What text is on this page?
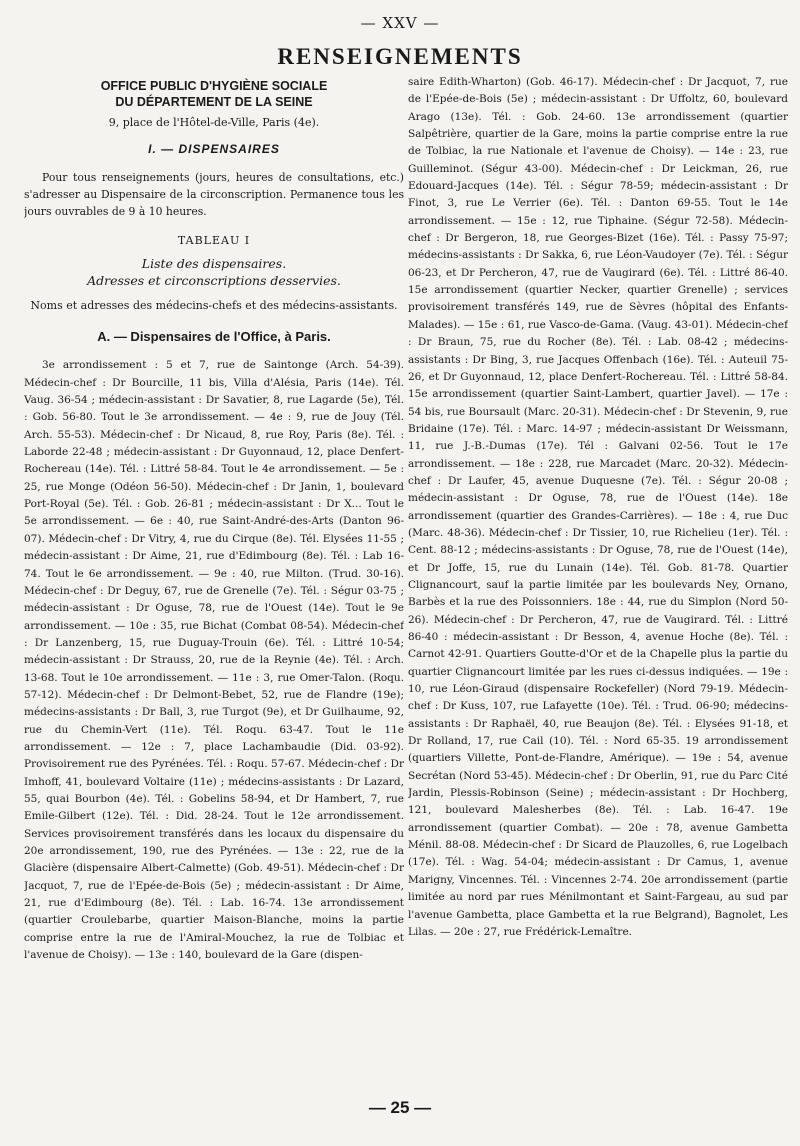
— XXV —
RENSEIGNEMENTS
OFFICE PUBLIC D'HYGIÈNE SOCIALE
DU DÉPARTEMENT DE LA SEINE
9, place de l'Hôtel-de-Ville, Paris (4e).
I. — DISPENSAIRES

Pour tous renseignements (jours, heures de consultations, etc.) s'adresser au Dispensaire de la circonscription. Permanence tous les jours ouvrables de 9 à 10 heures.

TABLEAU I
Liste des dispensaires.
Adresses et circonscriptions desservies.
Noms et adresses des médecins-chefs et des médecins-assistants.
A. — Dispensaires de l'Office, à Paris.

3e arrondissement : 5 et 7, rue de Saintonge (Arch. 54-39). Médecin-chef : Dr Bourcille, 11 bis, Villa d'Alésia, Paris (14e). Tél. Vaug. 36-54 ; médecin-assistant : Dr Savatier, 8, rue Lagarde (5e), Tél. : Gob. 56-80. Tout le 3e arrondissement. — 4e : 9, rue de Jouy (Tél. Arch. 55-53). Médecin-chef : Dr Nicaud, 8, rue Roy, Paris (8e). Tél. : Laborde 22-48 ; médecin-assistant : Dr Guyonnaud, 12, place Denfert-Rochereau (14e). Tél. : Littré 58-84. Tout le 4e arrondissement. — 5e : 25, rue Monge (Odéon 56-50). Médecin-chef : Dr Janin, 1, boulevard Port-Royal (5e). Tél. : Gob. 26-81 ; médecin-assistant : Dr X... Tout le 5e arrondissement. — 6e : 40, rue Saint-André-des-Arts (Danton 96-07). Médecin-chef : Dr Vitry, 4, rue du Cirque (8e). Tél. Elysées 11-55 ; médecin-assistant : Dr Aime, 21, rue d'Edimbourg (8e). Tél. : Lab 16-74. Tout le 6e arrondissement. — 9e : 40, rue Milton. (Trud. 30-16). Médecin-chef : Dr Deguy, 67, rue de Grenelle (7e). Tél. : Ségur 03-75 ; médecin-assistant : Dr Oguse, 78, rue de l'Ouest (14e). Tout le 9e arrondissement. — 10e : 35, rue Bichat (Combat 08-54). Médecin-chef : Dr Lanzenberg, 15, rue Duguay-Trouin (6e). Tél. : Littré 10-54; médecin-assistant : Dr Strauss, 20, rue de la Reynie (4e). Tél. : Arch. 13-68. Tout le 10e arrondissement. — 11e : 3, rue Omer-Talon. (Roqu. 57-12). Médecin-chef : Dr Delmont-Bebet, 52, rue de Flandre (19e); médecins-assistants : Dr Ball, 3, rue Turgot (9e), et Dr Guilhaume, 92, rue du Chemin-Vert (11e). Tél. Roqu. 63-47. Tout le 11e arrondissement. — 12e : 7, place Lachambaudie (Did. 03-92). Provisoirement rue des Pyrénées. Tél. : Roqu. 57-67. Médecin-chef : Dr Imhoff, 41, boulevard Voltaire (11e) ; médecins-assistants : Dr Lazard, 55, quai Bourbon (4e). Tél. : Gobelins 58-94, et Dr Hambert, 7, rue Emile-Gilbert (12e). Tél. : Did. 28-24. Tout le 12e arrondissement. Services provisoirement transférés dans les locaux du dispensaire du 20e arrondissement, 190, rue des Pyrénées. — 13e : 22, rue de la Glacière (dispensaire Albert-Calmette) (Gob. 49-51). Médecin-chef : Dr Jacquot, 7, rue de l'Epée-de-Bois (5e) ; médecin-assistant : Dr Aime, 21, rue d'Edimbourg (8e). Tél. : Lab. 16-74. 13e arrondissement (quartier Croulebarbe, quartier Maison-Blanche, moins la partie comprise entre la rue de l'Amiral-Mouchez, la rue de Tolbiac et l'avenue de Choisy). — 13e : 140, boulevard de la Gare (dispen-

saire Edith-Wharton) (Gob. 46-17). Médecin-chef : Dr Jacquot, 7, rue de l'Epée-de-Bois (5e) ; médecin-assistant : Dr Uffoltz, 60, boulevard Arago (13e). Tél. : Gob. 24-60. 13e arrondissement (quartier Salpêtrière, quartier de la Gare, moins la partie comprise entre la rue de Tolbiac, la rue Nationale et l'avenue de Choisy). — 14e : 23, rue Guilleminot. (Ségur 43-00). Médecin-chef : Dr Leickman, 26, rue Edouard-Jacques (14e). Tél. : Ségur 78-59; médecin-assistant : Dr Finot, 3, rue Le Verrier (6e). Tél. : Danton 69-55. Tout le 14e arrondissement. — 15e : 12, rue Tiphaine. (Ségur 72-58). Médecin-chef : Dr Bergeron, 18, rue Georges-Bizet (16e). Tél. : Passy 75-97; médecins-assistants : Dr Sakka, 6, rue Léon-Vaudoyer (7e). Tél. : Ségur 06-23, et Dr Percheron, 47, rue de Vaugirard (6e). Tél. : Littré 86-40. 15e arrondissement (quartier Necker, quartier Grenelle) ; services provisoirement transférés 149, rue de Sèvres (hôpital des Enfants-Malades). — 15e : 61, rue Vasco-de-Gama. (Vaug. 43-01). Médecin-chef : Dr Braun, 75, rue du Rocher (8e). Tél. : Lab. 08-42 ; médecins-assistants : Dr Bing, 3, rue Jacques Offenbach (16e). Tél. : Auteuil 75-26, et Dr Guyonnaud, 12, place Denfert-Rochereau. Tél. : Littré 58-84. 15e arrondissement (quartier Saint-Lambert, quartier Javel). — 17e : 54 bis, rue Boursault (Marc. 20-31). Médecin-chef : Dr Stevenin, 9, rue Bridaine (17e). Tél. : Marc. 14-97 ; médecin-assistant Dr Weissmann, 11, rue J.-B.-Dumas (17e). Tél : Galvani 02-56. Tout le 17e arrondissement. — 18e : 228, rue Marcadet (Marc. 20-32). Médecin-chef : Dr Laufer, 45, avenue Duquesne (7e). Tél. : Ségur 20-08 ; médecin-assistant : Dr Oguse, 78, rue de l'Ouest (14e). 18e arrondissement (quartier des Grandes-Carrières). — 18e : 4, rue Duc (Marc. 48-36). Médecin-chef : Dr Tissier, 10, rue Richelieu (1er). Tél. : Cent. 88-12 ; médecins-assistants : Dr Oguse, 78, rue de l'Ouest (14e), et Dr Joffe, 15, rue du Lunain (14e). Tél. Gob. 81-78. Quartier Clignancourt, sauf la partie limitée par les boulevards Ney, Ornano, Barbès et la rue des Poissonniers. 18e : 44, rue du Simplon (Nord 50-26). Médecin-chef : Dr Percheron, 47, rue de Vaugirard. Tél. : Littré 86-40 : médecin-assistant : Dr Besson, 4, avenue Hoche (8e). Tél. : Carnot 42-91. Quartiers Goutte-d'Or et de la Chapelle plus la partie du quartier Clignancourt limitée par les rues ci-dessus indiquées. — 19e : 10, rue Léon-Giraud (dispensaire Rockefeller) (Nord 79-19. Médecin-chef : Dr Kuss, 107, rue Lafayette (10e). Tél. : Trud. 06-90; médecins-assistants : Dr Raphaël, 40, rue Beaujon (8e). Tél. : Elysées 91-18, et Dr Rolland, 17, rue Cail (10). Tél. : Nord 65-35. 19 arrondissement (quartiers Villette, Pont-de-Flandre, Amérique). — 19e : 54, avenue Secrétan (Nord 53-45). Médecin-chef : Dr Oberlin, 91, rue du Parc Cité Jardin, Plessis-Robinson (Seine) ; médecin-assistant : Dr Hochberg, 121, boulevard Malesherbes (8e). Tél. : Lab. 16-47. 19e arrondissement (quartier Combat). — 20e : 78, avenue Gambetta Ménil. 88-08. Médecin-chef : Dr Sicard de Plauzolles, 6, rue Logelbach (17e). Tél. : Wag. 54-04; médecin-assistant : Dr Camus, 1, avenue Marigny, Vincennes. Tél. : Vincennes 2-74. 20e arrondissement (partie limitée au nord par rues Ménilmontant et Saint-Fargeau, au sud par l'avenue Gambetta, place Gambetta et la rue Belgrand), Bagnolet, Les Lilas. — 20e : 27, rue Frédérick-Lemaître.

— 25 —
